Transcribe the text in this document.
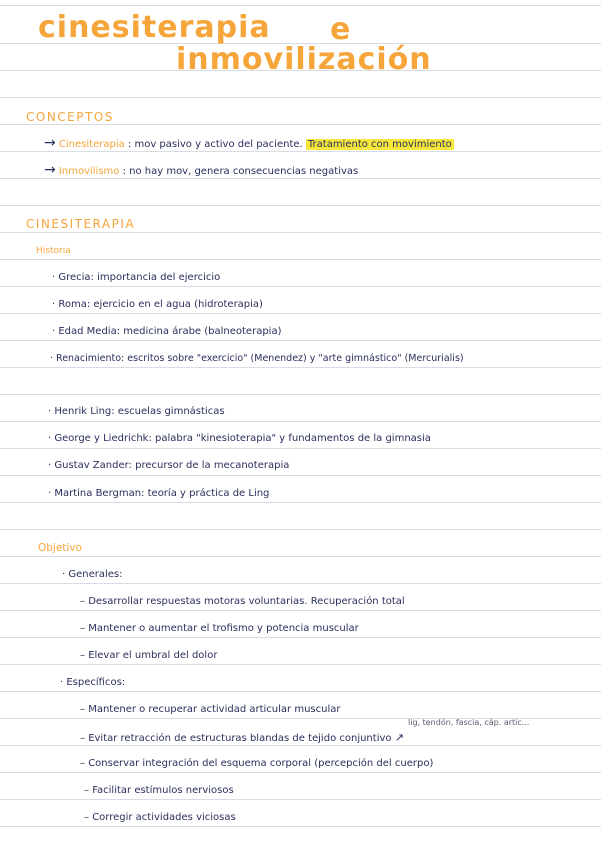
cinesiterapia e
inmovilización
CONCEPTOS
→ Cinesiterapia : mov pasivo y activo del paciente. Tratamiento con movimiento
→ Inmovilismo : no hay mov, genera consecuencias negativas
CINESITERAPIA
Historia
· Grecia: importancia del ejercicio
· Roma: ejercicio en el agua (hidroterapia)
· Edad Media: medicina árabe (balneoterapia)
· Renacimiento: escritos sobre "exercicio" (Menendez) y "arte gimnástico" (Mercurialis)
· Henrik Ling: escuelas gimnásticas
· George y Liedrichk: palabra "kinesioterapia" y fundamentos de la gimnasia
· Gustav Zander: precursor de la mecanoterapia
· Martina Bergman: teoría y práctica de Ling
Objetivo
· Generales:
– Desarrollar respuestas motoras voluntarias. Recuperación total
– Mantener o aumentar el trofismo y potencia muscular
– Elevar el umbral del dolor
· Específicos:
– Mantener o recuperar actividad articular muscular
– Evitar retracción de estructuras blandas de tejido conjuntivo ↗
lig, tendón, fascia, cáp. artic...
– Conservar integración del esquema corporal (percepción del cuerpo)
– Facilitar estímulos nerviosos
– Corregir actividades viciosas
